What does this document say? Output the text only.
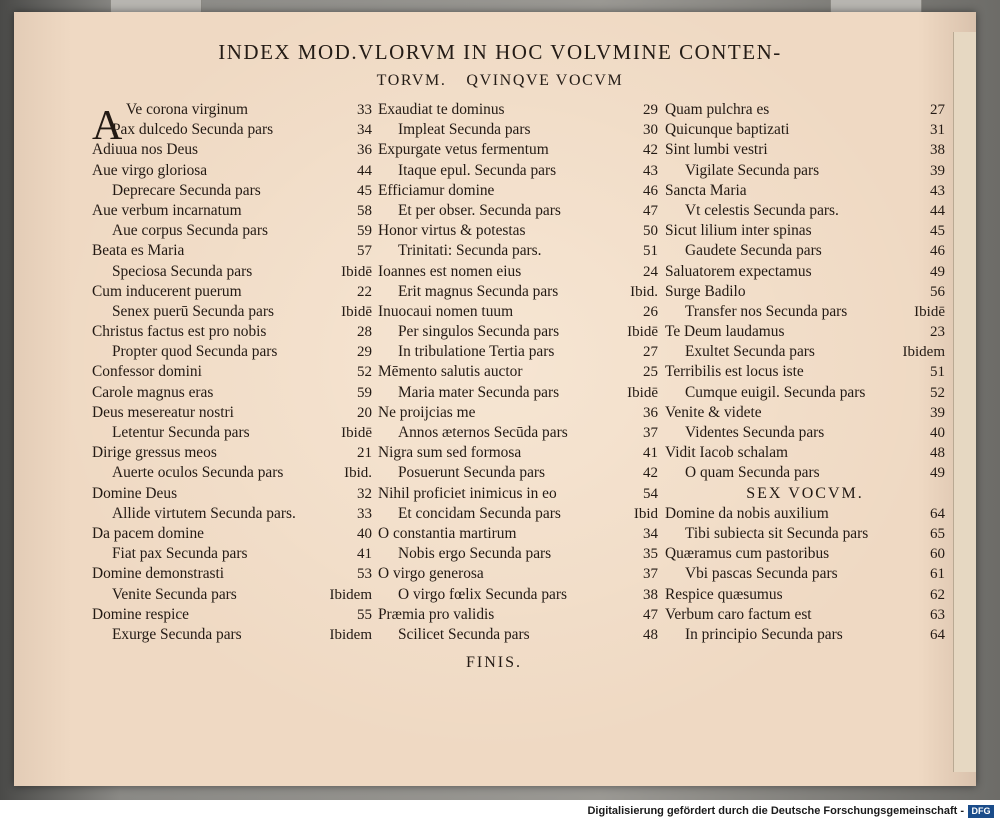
INDEX MOD.VLORVM IN HOC VOLVMINE CONTEN-
TORVM. QVINQVE VOCVM
A Ve corona virginum	33
Pax dulcedo Secunda pars	34
Adiuua nos Deus	36
Aue virgo gloriosa	44
Deprecare Secunda pars	45
Aue verbum incarnatum	58
Aue corpus Secunda pars	59
Beata es Maria	57
Speciosa Secunda pars	Ibidē
Cum inducerent puerum	22
Senex puerū Secunda pars	Ibidē
Christus factus est pro nobis	28
Propter quod Secunda pars	29
Confessor domini	52
Carole magnus eras	59
Deus mesereatur nostri	20
Letentur Secunda pars	Ibidē
Dirige gressus meos	21
Auerte oculos Secunda pars	Ibid.
Domine Deus	32
Allide virtutem Secunda pars.	33
Da pacem domine	40
Fiat pax Secunda pars	41
Domine demonstrasti	53
Venite Secunda pars	Ibidem
Domine respice	55
Exurge Secunda pars	Ibidem
Exaudiat te dominus	29
Impleat Secunda pars	30
Expurgate vetus fermentum	42
Itaque epul. Secunda pars	43
Efficiamur domine	46
Et per obser. Secunda pars	47
Honor virtus & potestas	50
Trinitati: Secunda pars.	51
Ioannes est nomen eius	24
Erit magnus Secunda pars	Ibid.
Inuocaui nomen tuum	26
Per singulos Secunda pars	Ibidē
In tribulatione Tertia pars	27
Mēmento salutis auctor	25
Maria mater Secunda pars	Ibidē
Ne proijcias me	36
Annos æternos Secūda pars	37
Nigra sum sed formosa	41
Posuerunt Secunda pars	42
Nihil proficiet inimicus in eo	54
Et concidam Secunda pars	Ibid
O constantia martirum	34
Nobis ergo Secunda pars	35
O virgo generosa	37
O virgo fœlix Secunda pars	38
Præmia pro validis	47
Scilicet Secunda pars	48
Quam pulchra es	27
Quicunque baptizati	31
Sint lumbi vestri	38
Vigilate Secunda pars	39
Sancta Maria	43
Vt celestis Secunda pars.	44
Sicut lilium inter spinas	45
Gaudete Secunda pars	46
Saluatorem expectamus	49
Surge Badilo	56
Transfer nos Secunda pars	Ibidē
Te Deum laudamus	23
Exultet Secunda pars	Ibidem
Terribilis est locus iste	51
Cumque euigil. Secunda pars	52
Venite & videte	39
Videntes Secunda pars	40
Vidit Iacob schalam	48
O quam Secunda pars	49
SEX VOCVM.
Domine da nobis auxilium	64
Tibi subiecta sit Secunda pars	65
Quæramus cum pastoribus	60
Vbi pascas Secunda pars	61
Respice quæsumus	62
Verbum caro factum est	63
In principio Secunda pars	64
FINIS.
Digitalisierung gefördert durch die Deutsche Forschungsgemeinschaft - DFG
